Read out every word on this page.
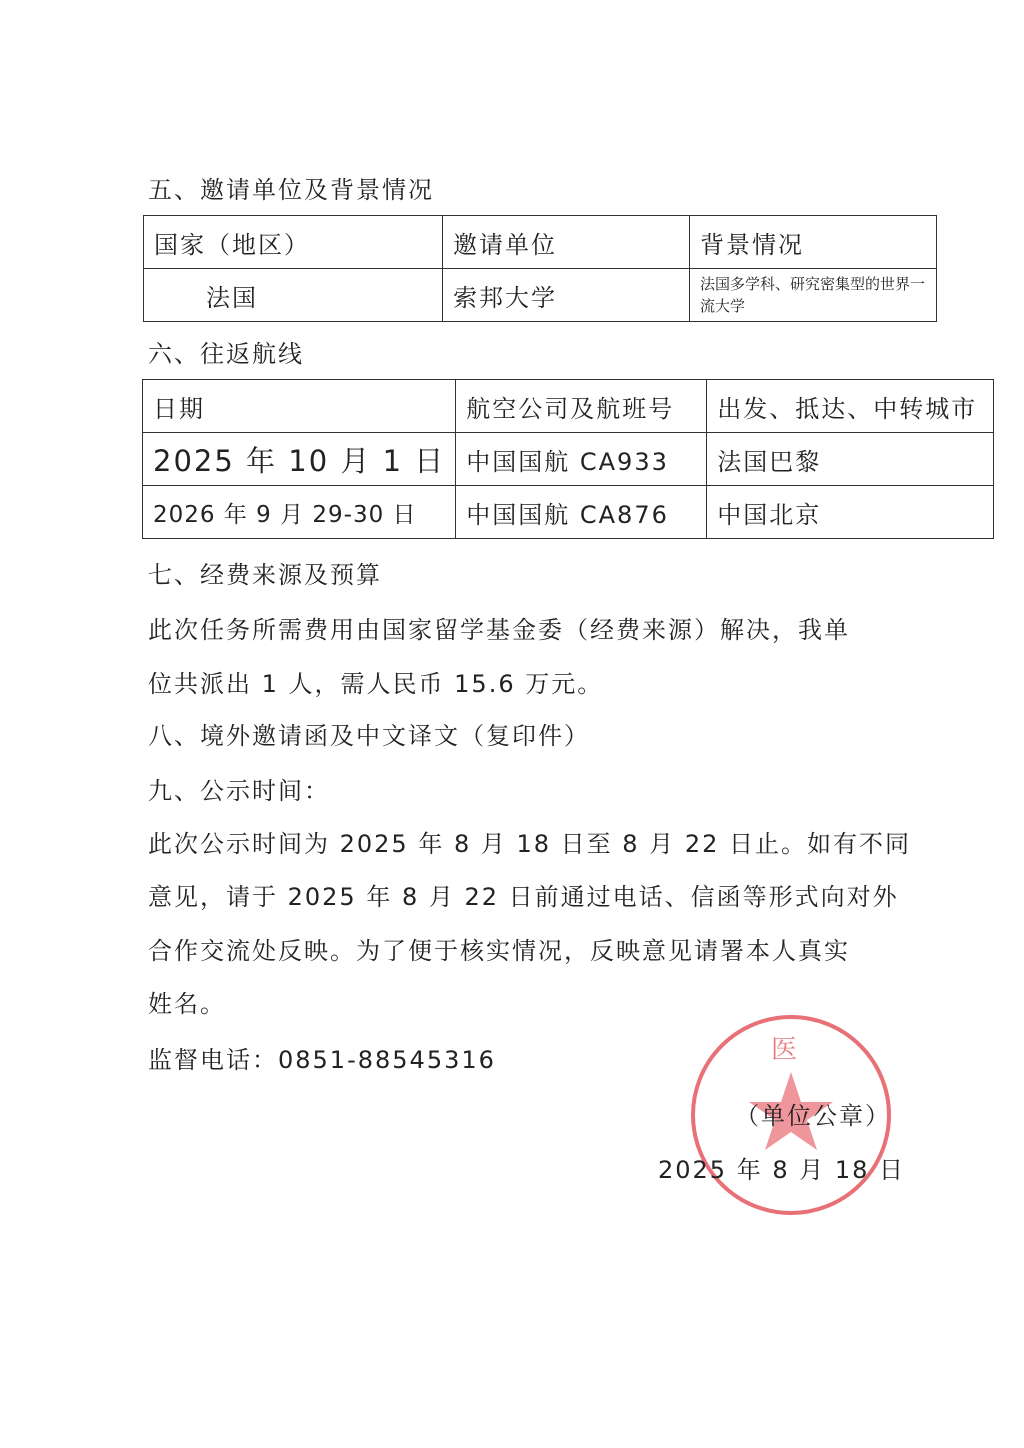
五、邀请单位及背景情况
国家（地区）	邀请单位	背景情况
法国	索邦大学	法国多学科、研究密集型的世界一流大学
六、往返航线
日期	航空公司及航班号	出发、抵达、中转城市
2025 年 10 月 1 日	中国国航 CA933	法国巴黎
2026 年 9 月 29-30 日	中国国航 CA876	中国北京
七、经费来源及预算
此次任务所需费用由国家留学基金委（经费来源）解决，我单
位共派出 1 人，需人民币 15.6 万元。
八、境外邀请函及中文译文（复印件）
九、公示时间：
此次公示时间为 2025 年 8 月 18 日至 8 月 22 日止。如有不同
意见，请于 2025 年 8 月 22 日前通过电话、信函等形式向对外
合作交流处反映。为了便于核实情况，反映意见请署本人真实
姓名。
监督电话：0851-88545316	医
（单位公章）
2025 年 8 月 18 日
